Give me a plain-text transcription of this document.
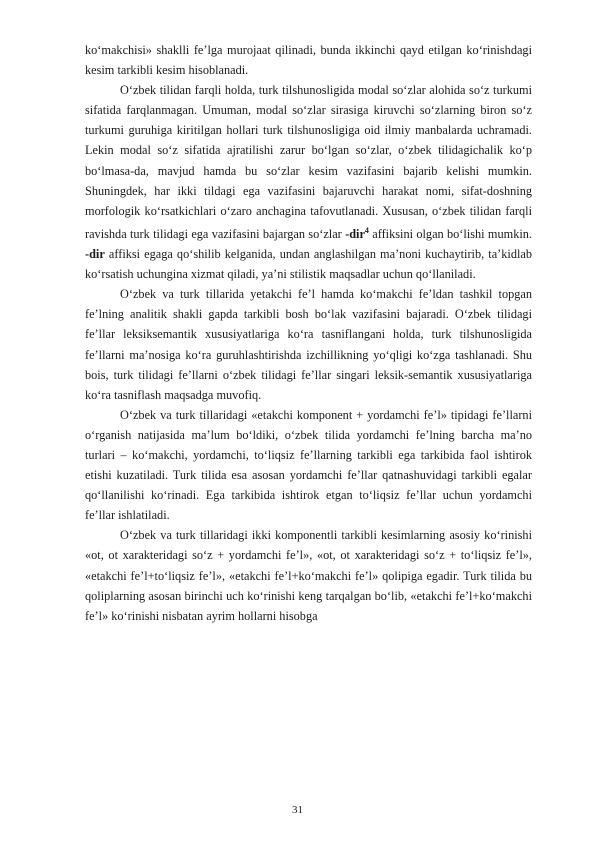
ko‘makchisi» shaklli fe’lga murojaat qilinadi, bunda ikkinchi qayd etilgan ko‘rinishdagi kesim tarkibli kesim hisoblanadi.

O‘zbek tilidan farqli holda, turk tilshunosligida modal so‘zlar alohida so‘z turkumi sifatida farqlanmagan. Umuman, modal so‘zlar sirasiga kiruvchi so‘zlarning biron so‘z turkumi guruhiga kiritilgan hollari turk tilshunosligiga oid ilmiy manbalarda uchramadi. Lekin modal so‘z sifatida ajratilishi zarur bo‘lgan so‘zlar, o‘zbek tilidagichalik ko‘p bo‘lmasa-da, mavjud hamda bu so‘zlar kesim vazifasini bajarib kelishi mumkin. Shuningdek, har ikki tildagi ega vazifasini bajaruvchi harakat nomi, sifat-doshning morfologik ko‘rsatkichlari o‘zaro anchagina tafovutlanadi. Xususan, o‘zbek tilidan farqli ravishda turk tilidagi ega vazifasini bajargan so‘zlar -dir$^4$ affiksini olgan bo‘lishi mumkin. -dir affiksi egaga qo‘shilib kelganida, undan anglashilgan ma’noni kuchaytirib, ta’kidlab ko‘rsatish uchungina xizmat qiladi, ya’ni stilistik maqsadlar uchun qo‘llaniladi.

O‘zbek va turk tillarida yetakchi fe’l hamda ko‘makchi fe’ldan tashkil topgan fe’lning analitik shakli gapda tarkibli bosh bo‘lak vazifasini bajaradi. O‘zbek tilidagi fe’llar leksiksemantik xususiyatlariga ko‘ra tasniflangani holda, turk tilshunosligida fe’llarni ma’nosiga ko‘ra guruhlashtirishda izchillikning yo‘qligi ko‘zga tashlanadi. Shu bois, turk tilidagi fe’llarni o‘zbek tilidagi fe’llar singari leksik-semantik xususiyatlariga ko‘ra tasniflash maqsadga muvofiq.

O‘zbek va turk tillaridagi «etakchi komponent + yordamchi fe’l» tipidagi fe’llarni o‘rganish natijasida ma’lum bo‘ldiki, o‘zbek tilida yordamchi fe’lning barcha ma’no turlari – ko‘makchi, yordamchi, to‘liqsiz fe’llarning tarkibli ega tarkibida faol ishtirok etishi kuzatiladi. Turk tilida esa asosan yordamchi fe’llar qatnashuvidagi tarkibli egalar qo‘llanilishi ko‘rinadi. Ega tarkibida ishtirok etgan to‘liqsiz fe’llar uchun yordamchi fe’llar ishlatiladi.

O‘zbek va turk tillaridagi ikki komponentli tarkibli kesimlarning asosiy ko‘rinishi «ot, ot xarakteridagi so‘z + yordamchi fe’l», «ot, ot xarakteridagi so‘z + to‘liqsiz fe’l», «etakchi fe’l+to‘liqsiz fe’l», «etakchi fe’l+ko‘makchi fe’l» qolipiga egadir. Turk tilida bu qoliplarning asosan birinchi uch ko‘rinishi keng tarqalgan bo‘lib, «etakchi fe’l+ko‘makchi fe’l» ko‘rinishi nisbatan ayrim hollarni hisobga

31
